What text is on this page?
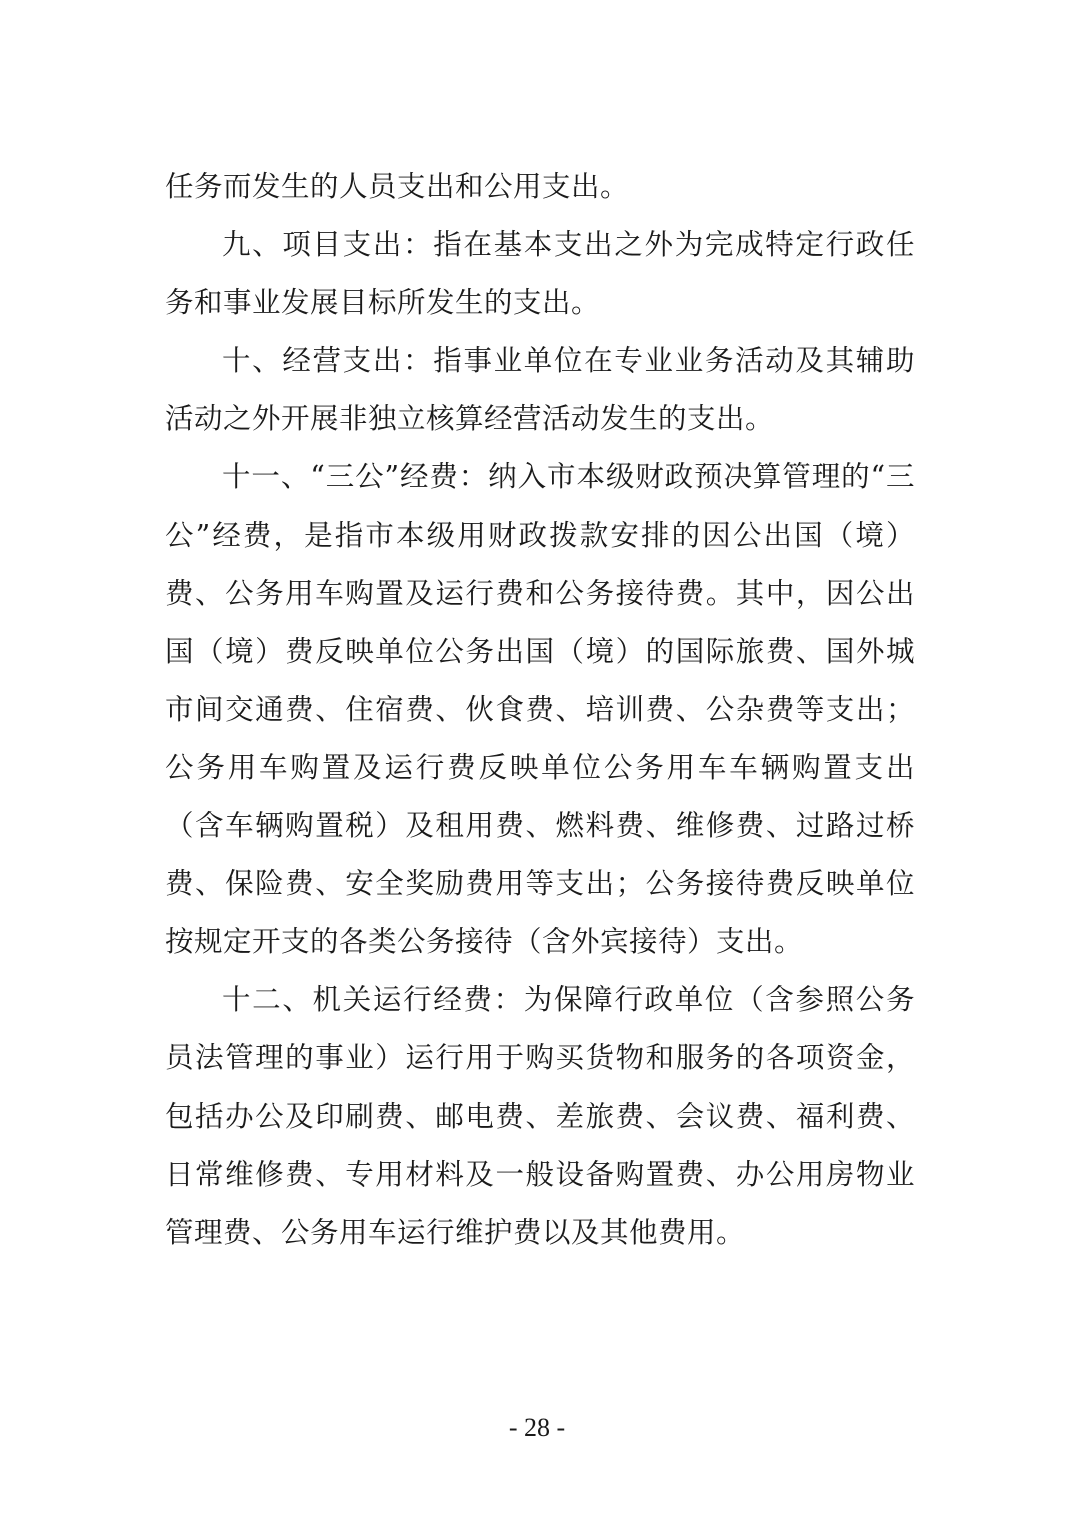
任务而发生的人员支出和公用支出。

九、项目支出：指在基本支出之外为完成特定行政任务和事业发展目标所发生的支出。

十、经营支出：指事业单位在专业业务活动及其辅助活动之外开展非独立核算经营活动发生的支出。

十一、“三公”经费：纳入市本级财政预决算管理的“三公”经费，是指市本级用财政拨款安排的因公出国（境）费、公务用车购置及运行费和公务接待费。其中，因公出国（境）费反映单位公务出国（境）的国际旅费、国外城市间交通费、住宿费、伙食费、培训费、公杂费等支出；公务用车购置及运行费反映单位公务用车车辆购置支出（含车辆购置税）及租用费、燃料费、维修费、过路过桥费、保险费、安全奖励费用等支出；公务接待费反映单位按规定开支的各类公务接待（含外宾接待）支出。

十二、机关运行经费：为保障行政单位（含参照公务员法管理的事业）运行用于购买货物和服务的各项资金，包括办公及印刷费、邮电费、差旅费、会议费、福利费、日常维修费、专用材料及一般设备购置费、办公用房物业管理费、公务用车运行维护费以及其他费用。

- 28 -
